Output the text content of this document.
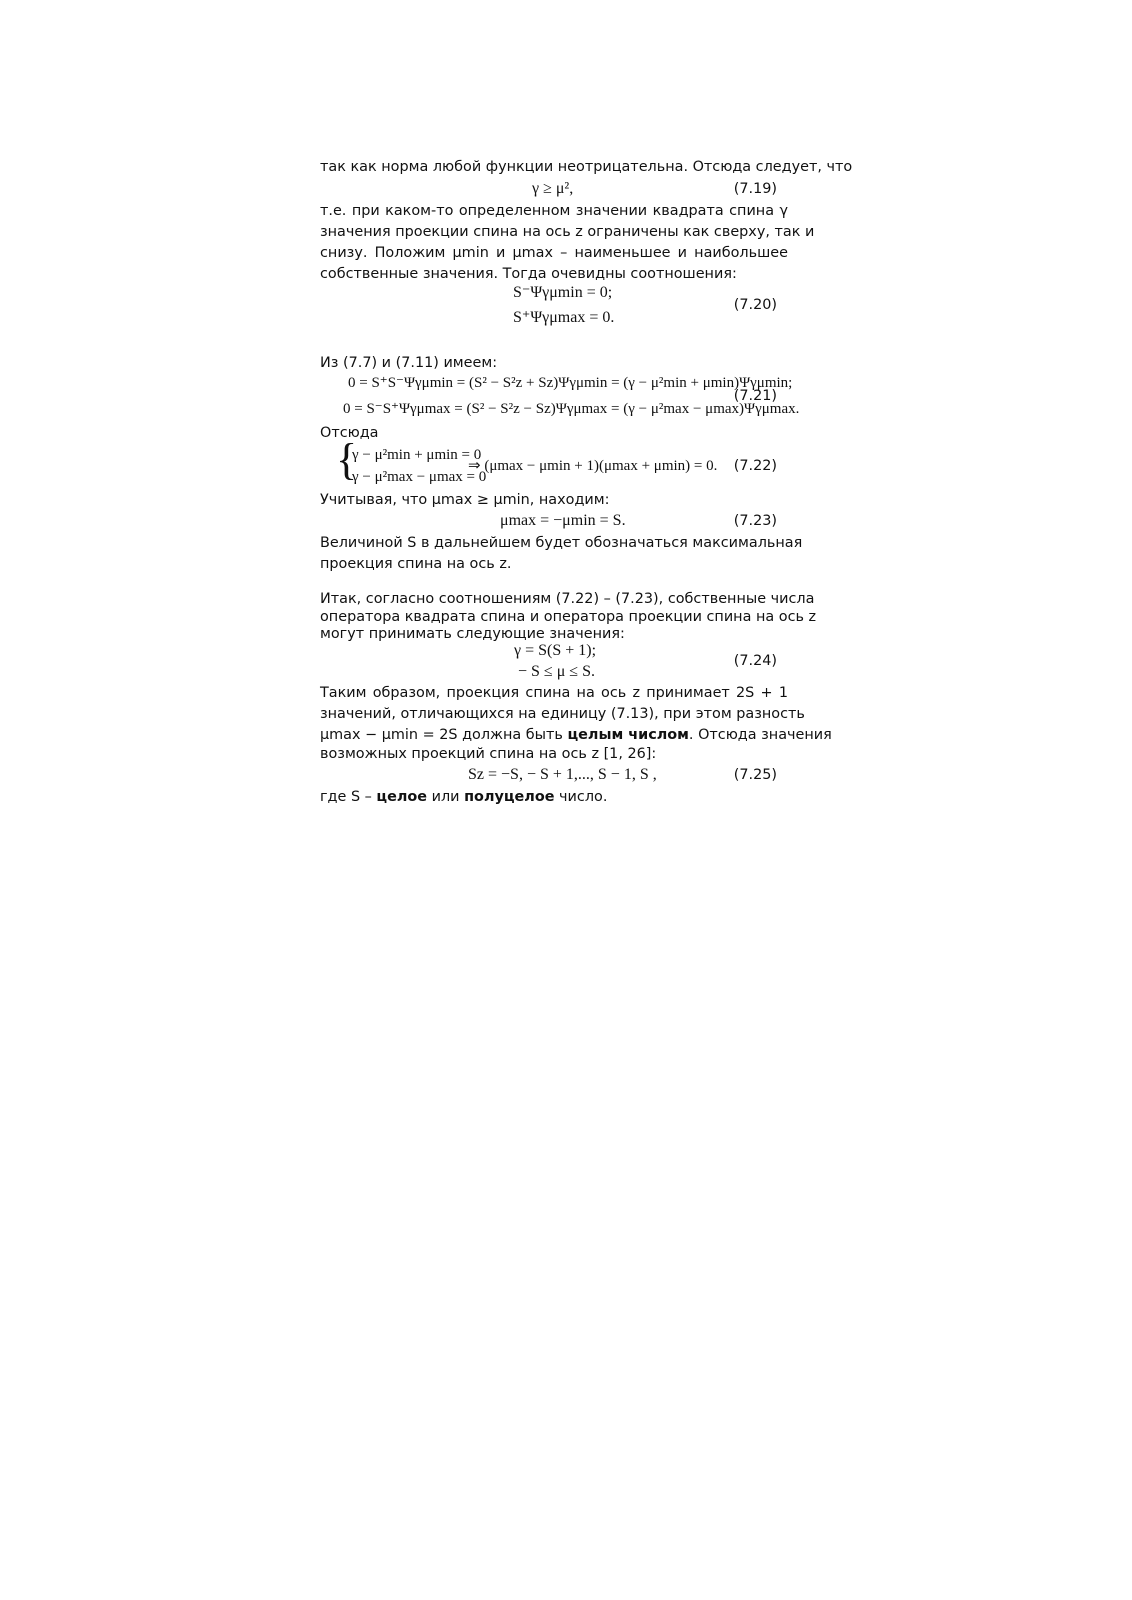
так как норма любой функции неотрицательна. Отсюда следует, что
γ ≥ μ²,	(7.19)
т.е. при каком-то определенном значении квадрата спина γ
значения проекции спина на ось z ограничены как сверху, так и
снизу. Положим μmin и μmax – наименьшее и наибольшее
собственные значения. Тогда очевидны соотношения:
S⁻Ψγμmin = 0;
S⁺Ψγμmax = 0.
(7.20)
Из (7.7) и (7.11) имеем:
0 = S⁺S⁻Ψγμmin = (S² − S²z + Sz)Ψγμmin = (γ − μ²min + μmin)Ψγμmin;
0 = S⁻S⁺Ψγμmax = (S² − S²z − Sz)Ψγμmax = (γ − μ²max − μmax)Ψγμmax.
(7.21)
Отсюда
{
γ − μ²min + μmin = 0
γ − μ²max − μmax = 0
⇒ (μmax − μmin + 1)(μmax + μmin) = 0. (7.22)
Учитывая, что μmax ≥ μmin, находим:
μmax = −μmin = S.	(7.23)
Величиной S в дальнейшем будет обозначаться максимальная
проекция спина на ось z.
Итак, согласно соотношениям (7.22) – (7.23), собственные числа
оператора квадрата спина и оператора проекции спина на ось z
могут принимать следующие значения:
γ = S(S + 1);
− S ≤ μ ≤ S.
(7.24)
Таким образом, проекция спина на ось z принимает 2S + 1
значений, отличающихся на единицу (7.13), при этом разность
μmax − μmin = 2S должна быть целым числом. Отсюда значения
возможных проекций спина на ось z [1, 26]:
Sz = −S, − S + 1,..., S − 1, S ,	(7.25)
где S – целое или полуцелое число.
